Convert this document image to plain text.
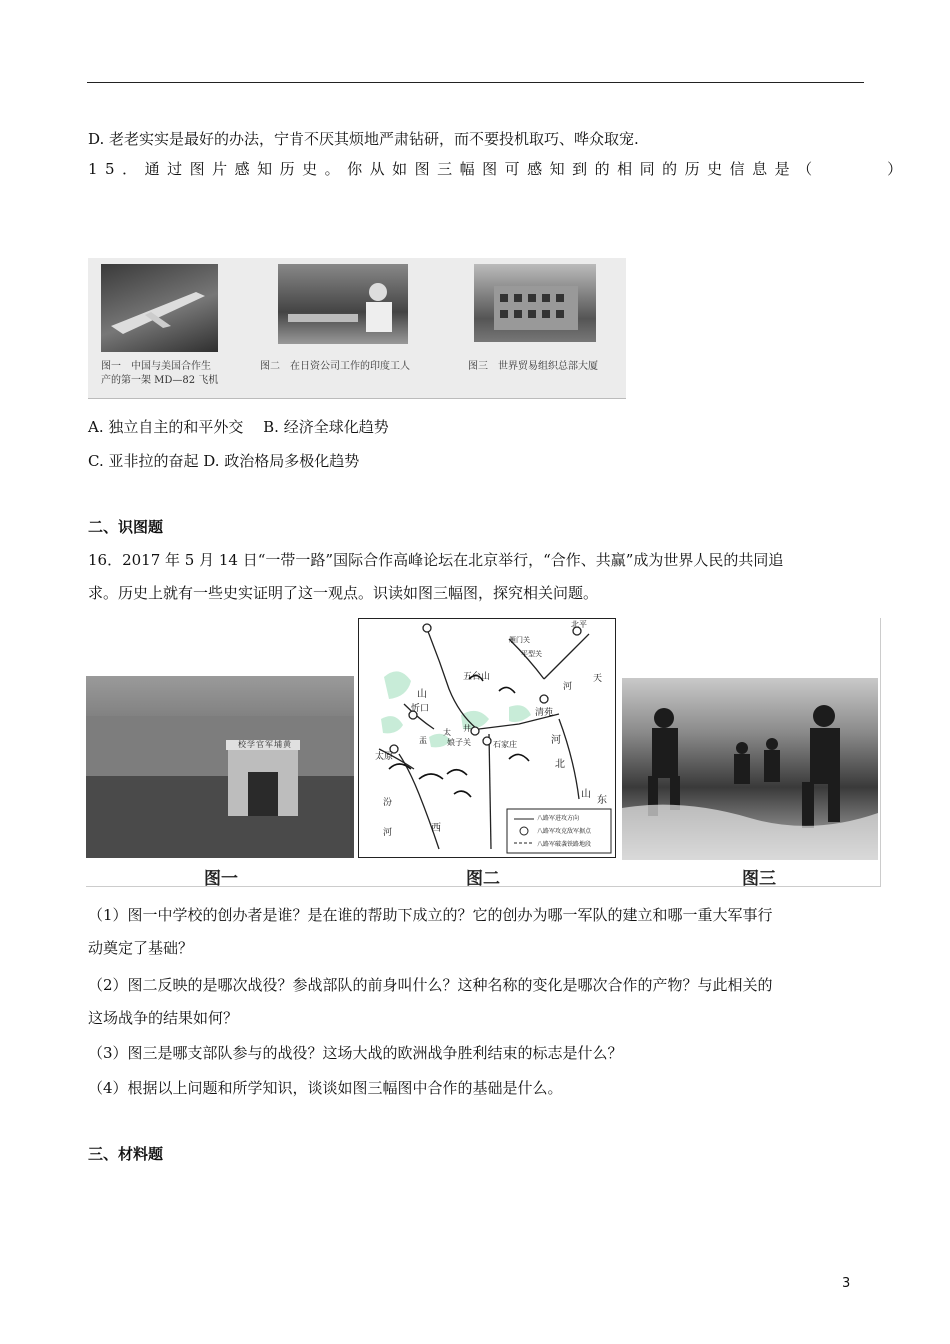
D. 老老实实是最好的办法，宁肯不厌其烦地严肃钻研，而不要投机取巧、哗众取宠.
15．通过图片感知历史。你从如图三幅图可感知到的相同的历史信息是（　　　）
图一　中国与美国合作生
产的第一架 MD—82 飞机
图二　在日资公司工作的印度工人	图三　世界贸易组织总部大厦
A. 独立自主的和平外交　 B. 经济全球化趋势
C. 亚非拉的奋起 D. 政治格局多极化趋势
二、识图题
16．2017 年 5 月 14 日“一带一路”国际合作高峰论坛在北京举行，“合作、共赢”成为世界人民的共同追
求。历史上就有一些史实证明了这一观点。识读如图三幅图，探究相关问题。
校学官军埔黄
图一
北平
天
清苑
五台山
忻口
太原
娘子关	石家庄
山
山
西
河
河
北
东
汾
河
雁门关
平型关
盂
井
太
八路军进攻方向
八路军攻克敌军据点
八路军破袭铁路地段
图二	图三
（1）图一中学校的创办者是谁？是在谁的帮助下成立的？它的创办为哪一军队的建立和哪一重大军事行
动奠定了基础？
（2）图二反映的是哪次战役？参战部队的前身叫什么？这种名称的变化是哪次合作的产物？与此相关的
这场战争的结果如何？
（3）图三是哪支部队参与的战役？这场大战的欧洲战争胜利结束的标志是什么？
（4）根据以上问题和所学知识，谈谈如图三幅图中合作的基础是什么。
三、材料题
3
